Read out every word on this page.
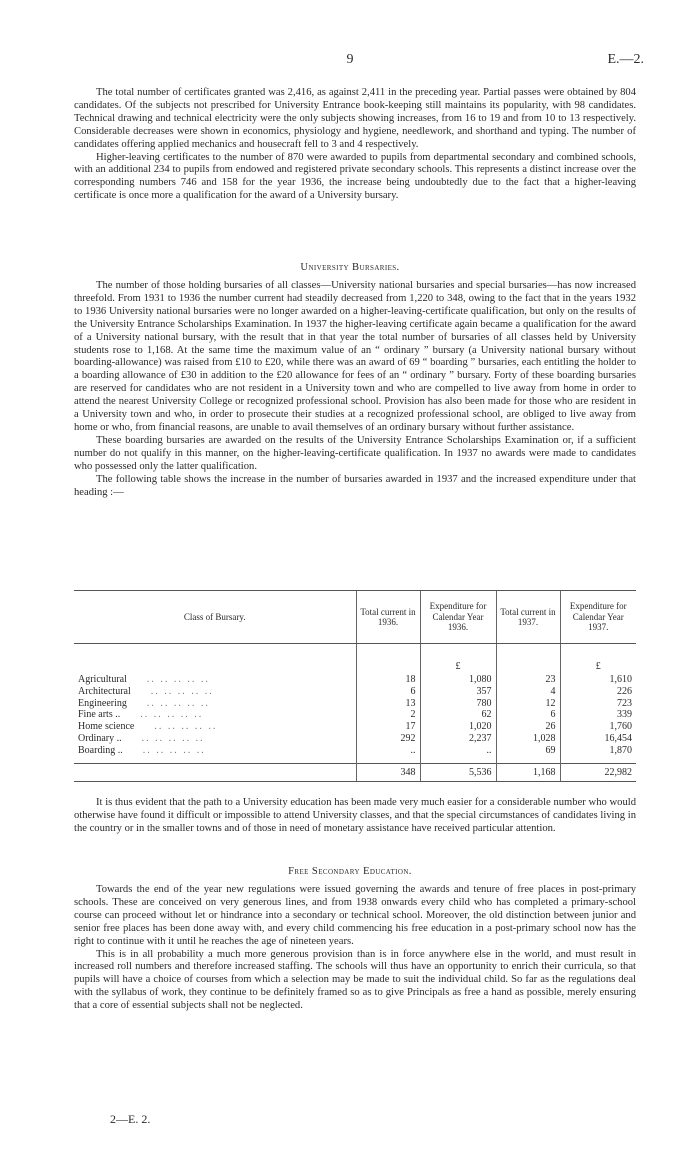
9	E.—2.

The total number of certificates granted was 2,416, as against 2,411 in the preceding year. Partial passes were obtained by 804 candidates. Of the subjects not prescribed for University Entrance book-keeping still maintains its popularity, with 98 candidates. Technical drawing and technical electricity were the only subjects showing increases, from 16 to 19 and from 10 to 13 respectively. Considerable decreases were shown in economics, physiology and hygiene, needlework, and shorthand and typing. The number of candidates offering applied mechanics and housecraft fell to 3 and 4 respectively.

Higher-leaving certificates to the number of 870 were awarded to pupils from departmental secondary and combined schools, with an additional 234 to pupils from endowed and registered private secondary schools. This represents a distinct increase over the corresponding numbers 746 and 158 for the year 1936, the increase being undoubtedly due to the fact that a higher-leaving certificate is once more a qualification for the award of a University bursary.

University Bursaries.

The number of those holding bursaries of all classes—University national bursaries and special bursaries—has now increased threefold. From 1931 to 1936 the number current had steadily decreased from 1,220 to 348, owing to the fact that in the years 1932 to 1936 University national bursaries were no longer awarded on a higher-leaving-certificate qualification, but only on the results of the University Entrance Scholarships Examination. In 1937 the higher-leaving certificate again became a qualification for the award of a University national bursary, with the result that in that year the total number of bursaries of all classes held by University students rose to 1,168. At the same time the maximum value of an “ ordinary ” bursary (a University national bursary without boarding-allowance) was raised from £10 to £20, while there was an award of 69 “ boarding ” bursaries, each entitling the holder to a boarding allowance of £30 in addition to the £20 allowance for fees of an “ ordinary ” bursary. Forty of these boarding bursaries are reserved for candidates who are not resident in a University town and who are compelled to live away from home in order to attend the nearest University College or recognized professional school. Provision has also been made for those who are resident in a University town and who, in order to prosecute their studies at a recognized professional school, are obliged to live away from home or who, from financial reasons, are unable to avail themselves of an ordinary bursary without further assistance.

These boarding bursaries are awarded on the results of the University Entrance Scholarships Examination or, if a sufficient number do not qualify in this manner, on the higher-leaving-certificate qualification. In 1937 no awards were made to candidates who possessed only the latter qualification.

The following table shows the increase in the number of bursaries awarded in 1937 and the increased expenditure under that heading :—

Class of Bursary.	Total current in 1936.	Expenditure for Calendar Year 1936.	Total current in 1937.	Expenditure for Calendar Year 1937.

		£		£
Agricultural .. .. .. .. ..	18	1,080	23	1,610
Architectural .. .. .. .. ..	6	357	4	226
Engineering .. .. .. .. ..	13	780	12	723
Fine arts .. .. .. .. .. ..	2	62	6	339
Home science .. .. .. .. ..	17	1,020	26	1,760
Ordinary .. .. .. .. .. ..	292	2,237	1,028	16,454
Boarding .. .. .. .. .. ..	..	..	69	1,870
	348	5,536	1,168	22,982

It is thus evident that the path to a University education has been made very much easier for a considerable number who would otherwise have found it difficult or impossible to attend University classes, and that the special circumstances of candidates living in the country or in the smaller towns and of those in need of monetary assistance have received particular attention.

Free Secondary Education.

Towards the end of the year new regulations were issued governing the awards and tenure of free places in post-primary schools. These are conceived on very generous lines, and from 1938 onwards every child who has completed a primary-school course can proceed without let or hindrance into a secondary or technical school. Moreover, the old distinction between junior and senior free places has been done away with, and every child commencing his free education in a post-primary school now has the right to continue with it until he reaches the age of nineteen years.

This is in all probability a much more generous provision than is in force anywhere else in the world, and must result in increased roll numbers and therefore increased staffing. The schools will thus have an opportunity to enrich their curricula, so that pupils will have a choice of courses from which a selection may be made to suit the individual child. So far as the regulations deal with the syllabus of work, they continue to be definitely framed so as to give Principals as free a hand as possible, merely ensuring that a core of essential subjects shall not be neglected.

2—E. 2.
